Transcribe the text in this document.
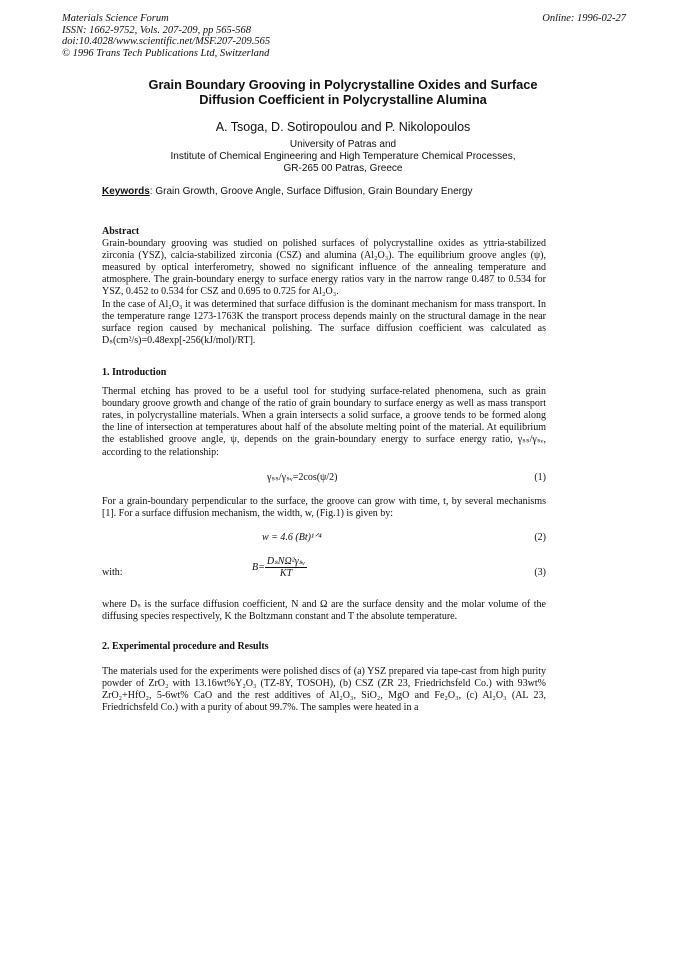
Materials Science Forum
ISSN: 1662-9752, Vols. 207-209, pp 565-568
doi:10.4028/www.scientific.net/MSF.207-209.565
© 1996 Trans Tech Publications Ltd, Switzerland
Online: 1996-02-27
Grain Boundary Grooving in Polycrystalline Oxides and Surface
Diffusion Coefficient in Polycrystalline Alumina
A. Tsoga, D. Sotiropoulou and P. Nikolopoulos
University of Patras and
Institute of Chemical Engineering and High Temperature Chemical Processes,
GR-265 00 Patras, Greece
Keywords: Grain Growth, Groove Angle, Surface Diffusion, Grain Boundary Energy

Abstract

Grain-boundary grooving was studied on polished surfaces of polycrystalline oxides as yttria-stabilized zirconia (YSZ), calcia-stabilized zirconia (CSZ) and alumina (Al₂O₃). The equilibrium groove angles (ψ), measured by optical interferometry, showed no significant influence of the annealing temperature and atmosphere. The grain-boundary energy to surface energy ratios vary in the narrow range 0.487 to 0.534 for YSZ, 0.452 to 0.534 for CSZ and 0.695 to 0.725 for Al₂O₃.

In the case of Al₂O₃ it was determined that surface diffusion is the dominant mechanism for mass transport. In the temperature range 1273-1763K the transport process depends mainly on the structural damage in the near surface region caused by mechanical polishing. The surface diffusion coefficient was calculated as Dₛ(cm²/s)=0.48exp[-256(kJ/mol)/RT].

1. Introduction

Thermal etching has proved to be a useful tool for studying surface-related phenomena, such as grain boundary groove growth and change of the ratio of grain boundary to surface energy as well as mass transport rates, in polycrystalline materials. When a grain intersects a solid surface, a groove tends to be formed along the line of intersection at temperatures about half of the absolute melting point of the material. At equilibrium the established groove angle, ψ, depends on the grain-boundary energy to surface energy ratio, γₛₛ/γₛᵥ, according to the relationship:

γₛₛ/γₛᵥ=2cos(ψ/2)	(1)
For a grain-boundary perpendicular to the surface, the groove can grow with time, t, by several mechanisms [1]. For a surface diffusion mechanism, the width, w, (Fig.1) is given by:
w = 4.6 (Bt)¹ᐟ⁴	(2)
with:	$B= \frac{\text{DₛNΩ²γₛᵥ}}{KT}$	(3)
where Dₛ is the surface diffusion coefficient, N and Ω are the surface density and the molar volume of the diffusing species respectively, K the Boltzmann constant and T the absolute temperature.

2. Experimental procedure and Results

The materials used for the experiments were polished discs of (a) YSZ prepared via tape-cast from high purity powder of ZrO₂ with 13.16wt%Y₂O₃ (TZ-8Y, TOSOH), (b) CSZ (ZR 23, Friedrichsfeld Co.) with 93wt% ZrO₂+HfO₂, 5-6wt% CaO and the rest additives of Al₂O₃, SiO₂, MgO and Fe₂O₃, (c) Al₂O₃ (AL 23, Friedrichsfeld Co.) with a purity of about 99.7%. The samples were heated in a
